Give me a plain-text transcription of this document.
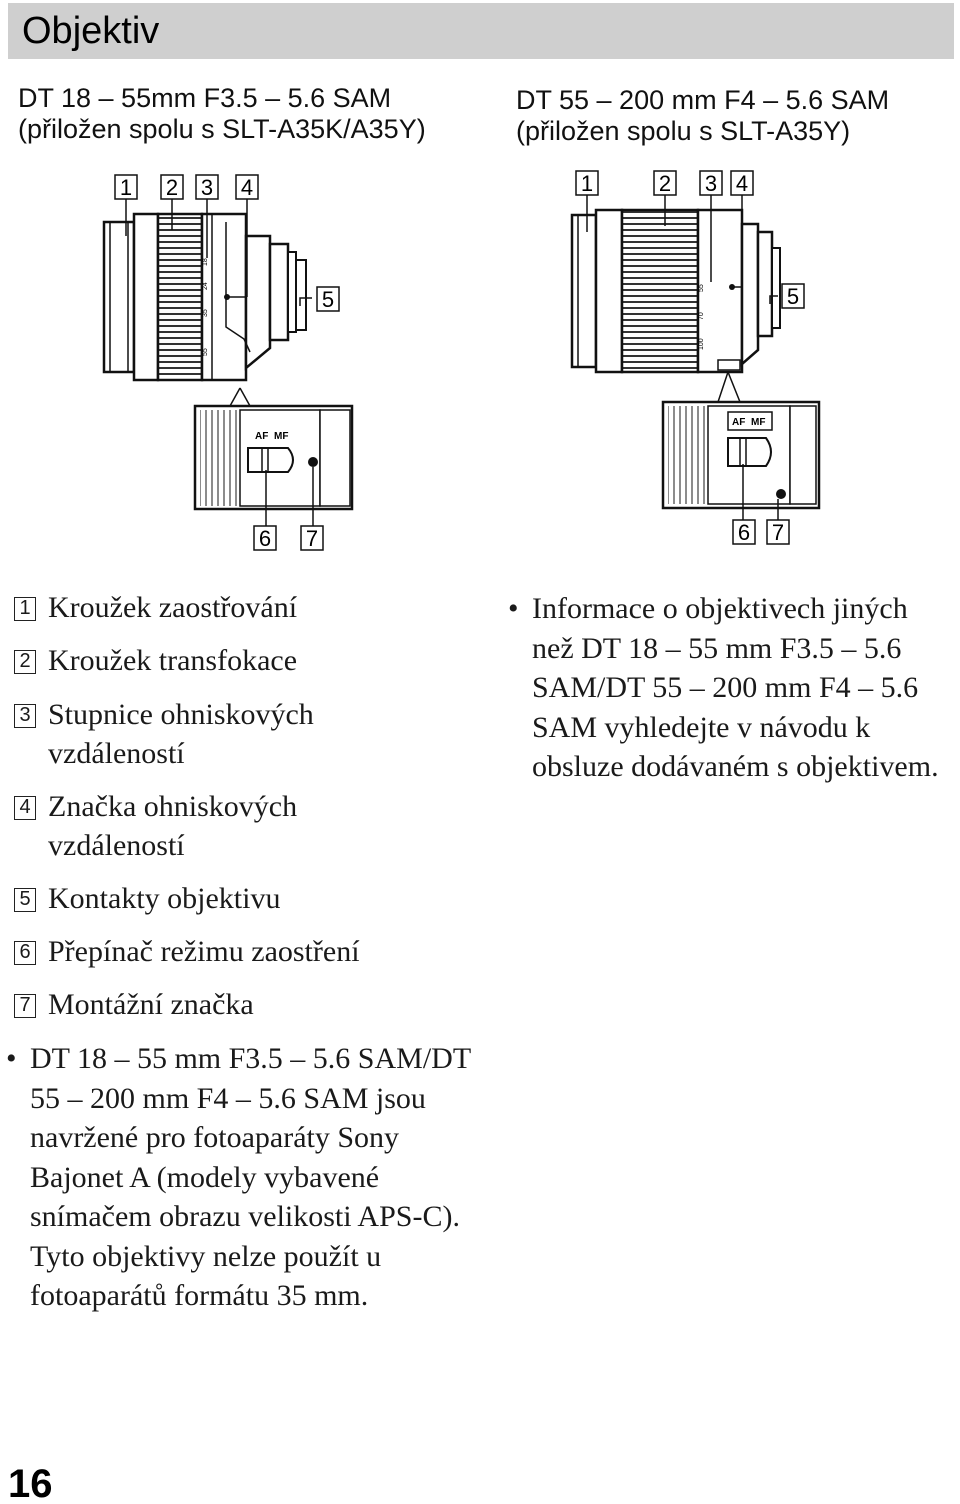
Objektiv
DT 18 – 55mm F3.5 – 5.6 SAM
(přiložen spolu s SLT-A35K/A35Y)
DT 55 – 200 mm F4 – 5.6 SAM
(přiložen spolu s SLT-A35Y)
18
24
35
55
1 2 3 4
5
AF MF
6 7
55
70
100
1	2 3 4
5
AF MF
6 7
1 Kroužek zaostřování
2 Kroužek transfokace
3 Stupnice ohniskových vzdáleností
4 Značka ohniskových vzdáleností
5 Kontakty objektivu
6 Přepínač režimu zaostření
7 Montážní značka
• DT 18 – 55 mm F3.5 – 5.6 SAM/DT 55 – 200 mm F4 – 5.6 SAM jsou navržené pro fotoaparáty Sony Bajonet A (modely vybavené snímačem obrazu velikosti APS-C). Tyto objektivy nelze použít u fotoaparátů formátu 35 mm.
• Informace o objektivech jiných než DT 18 – 55 mm F3.5 – 5.6 SAM/DT 55 – 200 mm F4 – 5.6 SAM vyhledejte v návodu k obsluze dodávaném s objektivem.
16
